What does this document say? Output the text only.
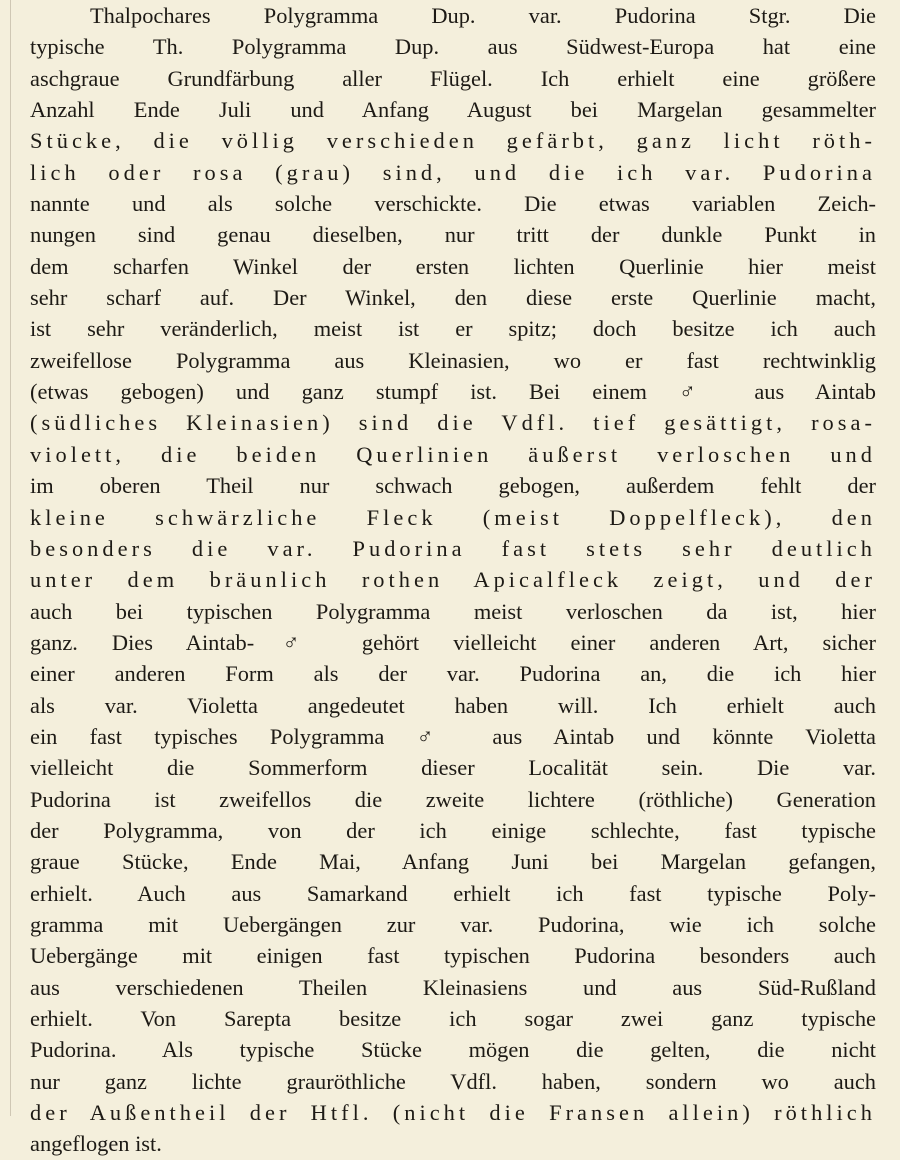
Thalpochares Polygramma Dup. var. Pudorina Stgr. Die
typische Th. Polygramma Dup. aus Südwest-Europa hat eine
aschgraue Grundfärbung aller Flügel. Ich erhielt eine größere
Anzahl Ende Juli und Anfang August bei Margelan gesammelter
Stücke, die völlig verschieden gefärbt, ganz licht röth-
lich oder rosa (grau) sind, und die ich var. Pudorina
nannte und als solche verschickte. Die etwas variablen Zeich-
nungen sind genau dieselben, nur tritt der dunkle Punkt in
dem scharfen Winkel der ersten lichten Querlinie hier meist
sehr scharf auf. Der Winkel, den diese erste Querlinie macht,
ist sehr veränderlich, meist ist er spitz; doch besitze ich auch
zweifellose Polygramma aus Kleinasien, wo er fast rechtwinklig
(etwas gebogen) und ganz stumpf ist. Bei einem ♂ aus Aintab
(südliches Kleinasien) sind die Vdfl. tief gesättigt, rosa-
violett, die beiden Querlinien äußerst verloschen und
im oberen Theil nur schwach gebogen, außerdem fehlt der
kleine schwärzliche Fleck (meist Doppelfleck), den
besonders die var. Pudorina fast stets sehr deutlich
unter dem bräunlich rothen Apicalfleck zeigt, und der
auch bei typischen Polygramma meist verloschen da ist, hier
ganz. Dies Aintab-♂ gehört vielleicht einer anderen Art, sicher
einer anderen Form als der var. Pudorina an, die ich hier
als var. Violetta angedeutet haben will. Ich erhielt auch
ein fast typisches Polygramma ♂ aus Aintab und könnte Violetta
vielleicht die Sommerform dieser Localität sein. Die var.
Pudorina ist zweifellos die zweite lichtere (röthliche) Generation
der Polygramma, von der ich einige schlechte, fast typische
graue Stücke, Ende Mai, Anfang Juni bei Margelan gefangen,
erhielt. Auch aus Samarkand erhielt ich fast typische Poly-
gramma mit Uebergängen zur var. Pudorina, wie ich solche
Uebergänge mit einigen fast typischen Pudorina besonders auch
aus verschiedenen Theilen Kleinasiens und aus Süd-Rußland
erhielt. Von Sarepta besitze ich sogar zwei ganz typische
Pudorina. Als typische Stücke mögen die gelten, die nicht
nur ganz lichte grauröthliche Vdfl. haben, sondern wo auch
der Außentheil der Htfl. (nicht die Fransen allein) röthlich
angeflogen ist.
